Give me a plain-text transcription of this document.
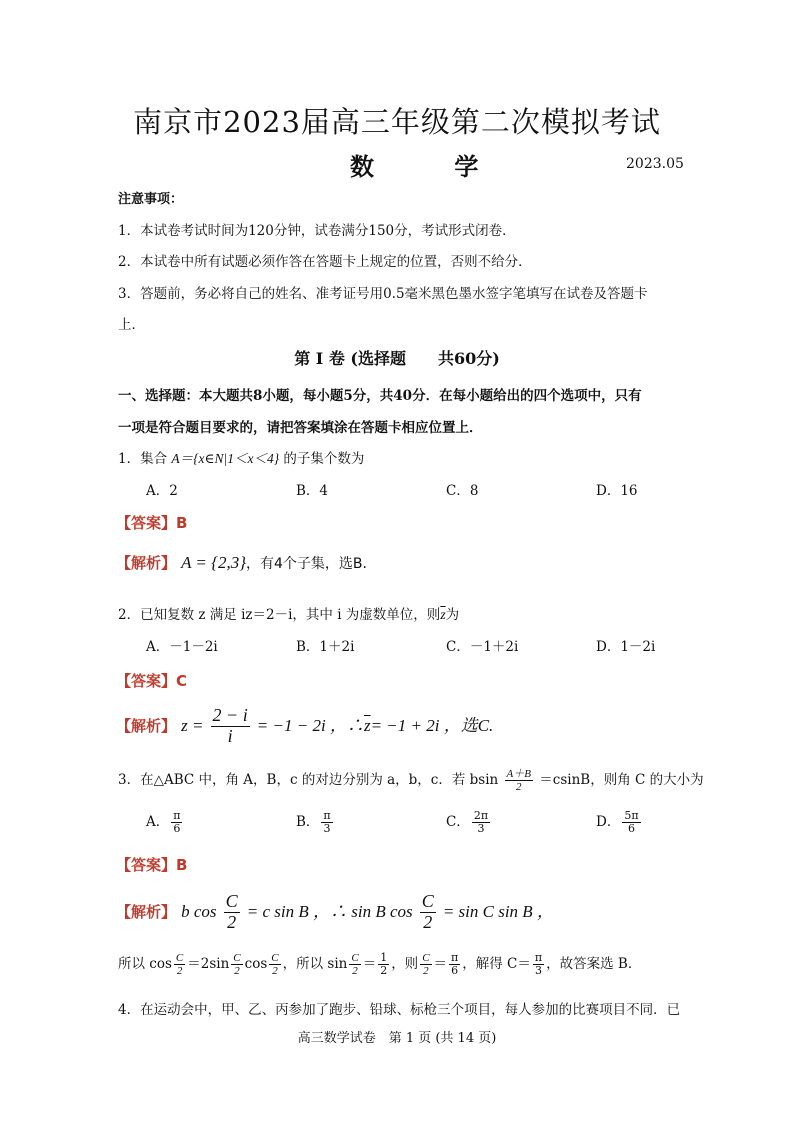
南京市2023届高三年级第二次模拟考试
数 学	2023.05
注意事项：
1．本试卷考试时间为120分钟，试卷满分150分，考试形式闭卷．
2．本试卷中所有试题必须作答在答题卡上规定的位置，否则不给分．
3．答题前，务必将自己的姓名、准考证号用0.5毫米黑色墨水签字笔填写在试卷及答题卡
上．
第 I 卷 (选择题　　共60分)
一、选择题：本大题共8小题，每小题5分，共40分．在每小题给出的四个选项中，只有
一项是符合题目要求的，请把答案填涂在答题卡相应位置上．
1．集合 A＝{x∈N|1＜x＜4} 的子集个数为
A．2	B．4	C．8	D．16
【答案】B
【解析】 A = {2,3}，有4个子集，选B.
2．已知复数 z 满足 iz＝2－i，其中 i 为虚数单位，则$\overline{z}$为
A．－1－2i	B．1＋2i	C．－1＋2i	D．1－2i
【答案】C
【解析】 $z = \frac{2 - i}{i} = -1 - 2i$ ，$\therefore\overline{z}= -1 + 2i$ ，选C.
3．在△ABC 中，角 A，B，c 的对边分别为 a，b，c．若 bsin $\frac{A+B}{2} =csinB$，则角 C 的大小为
A． $\frac{\pi}{6}$	B． $\frac{\pi}{3}$	C． $\frac{2\pi}{3}$	D． $\frac{5\pi}{6}$
【答案】B
【解析】 b $\cos \frac{C}{2} = c$ sin B ，∴ sin B $\cos \frac{C}{2} = \sin C$ sin B ，
所以 $\cos \frac{C}{2} =2\sin \frac{C}{2}$ $\cos \frac{C}{2}$ ，所以 $\sin \frac{C}{2} = \frac{1}{2}$ ，则 $\frac{C}{2} = \frac{\pi}{6}$ ，解得 $C= \frac{\pi}{3}$ ，故答案选 B．
4．在运动会中，甲、乙、丙参加了跑步、铅球、标枪三个项目，每人参加的比赛项目不同．已
高三数学试卷　第 1 页 (共 14 页)
